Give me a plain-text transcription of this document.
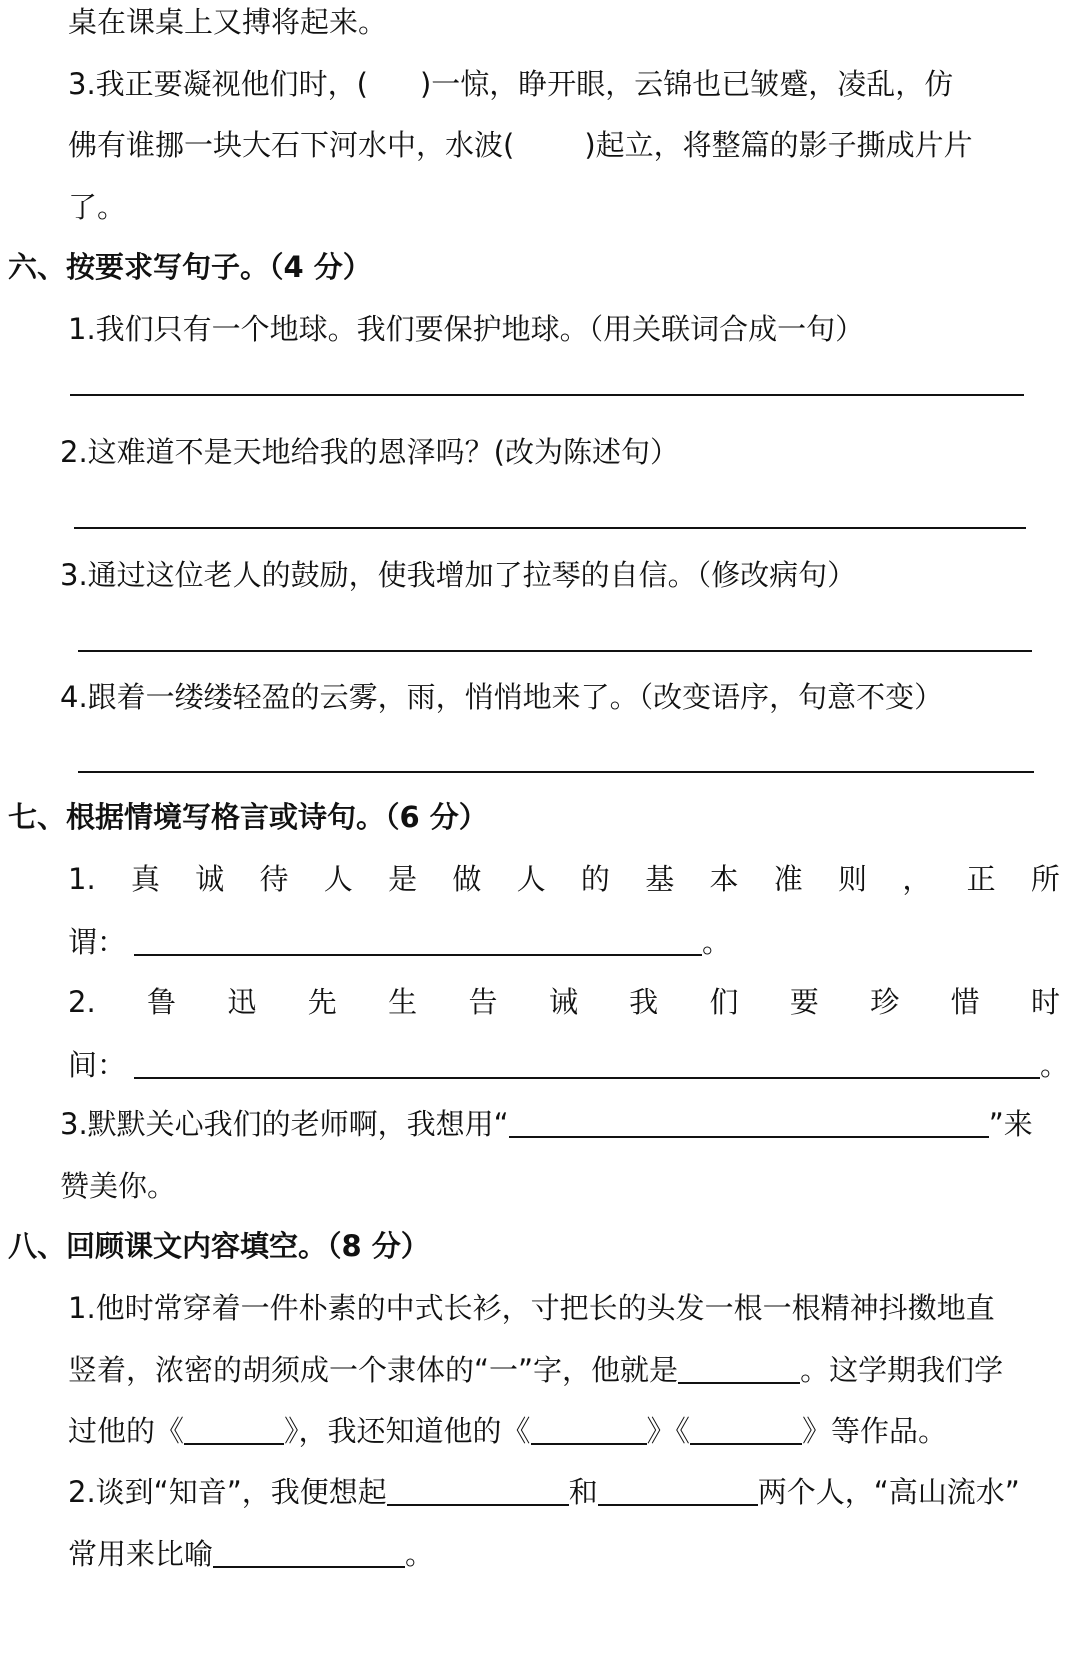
桌在课桌上又搏将起来。
3.我正要凝视他们时，( )一惊，睁开眼，云锦也已皱蹙，凌乱，仿
佛有谁挪一块大石下河水中，水波( )起立，将整篇的影子撕成片片
了。
六、按要求写句子。（4 分）
1.我们只有一个地球。我们要保护地球。（用关联词合成一句）
2.这难道不是天地给我的恩泽吗？(改为陈述句）
3.通过这位老人的鼓励，使我增加了拉琴的自信。（修改病句）
4.跟着一缕缕轻盈的云雾，雨，悄悄地来了。（改变语序，句意不变）
七、根据情境写格言或诗句。（6 分）
1. 真 诚 待 人 是 做 人 的 基 本 准 则 ， 正 所
谓：	。
2. 鲁 迅 先 生 告 诫 我 们 要 珍 惜 时
间：	。
3.默默关心我们的老师啊，我想用“	”来
赞美你。
八、回顾课文内容填空。（8 分）
1.他时常穿着一件朴素的中式长衫，寸把长的头发一根一根精神抖擞地直
竖着，浓密的胡须成一个隶体的“一”字，他就是	。这学期我们学
过他的《	》，我还知道他的《	》《	》等作品。
2.谈到“知音”，我便想起	和	两个人，“高山流水”
常用来比喻	。
